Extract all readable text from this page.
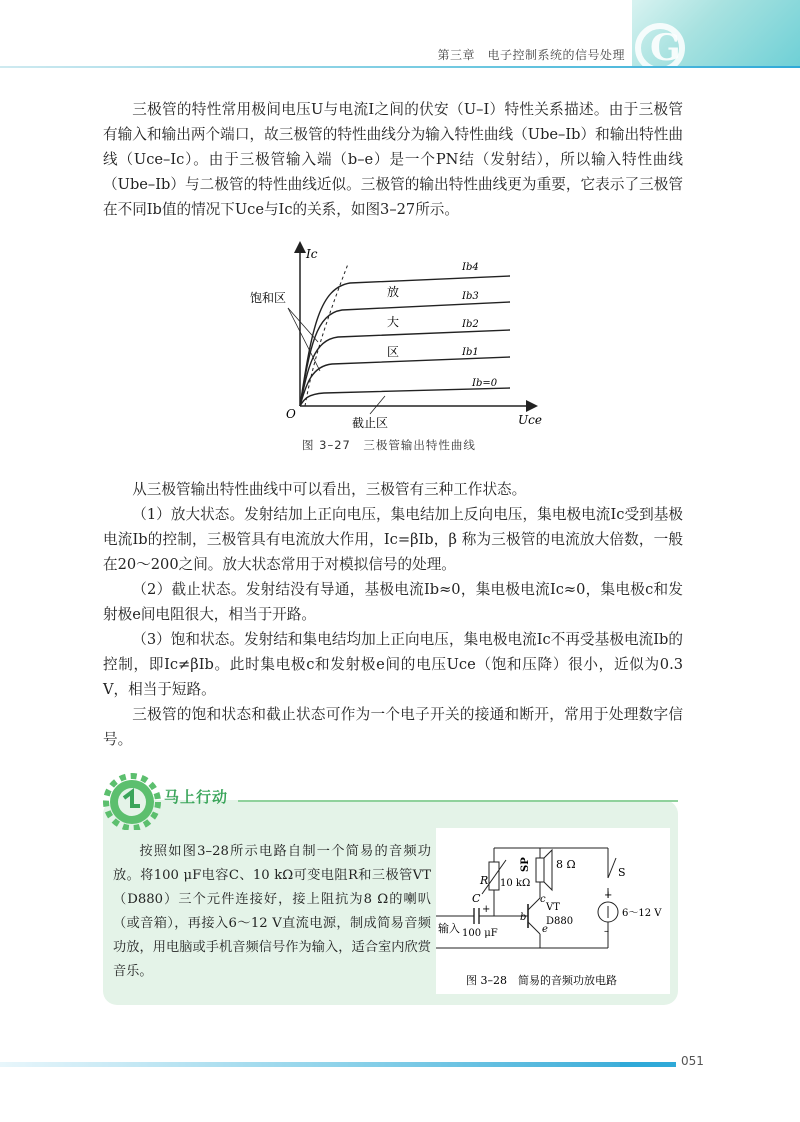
G
第三章　电子控制系统的信号处理

三极管的特性常用极间电压U与电流I之间的伏安（U–I）特性关系描述。由于三极管有输入和输出两个端口，故三极管的特性曲线分为输入特性曲线（Ube–Ib）和输出特性曲线（Uce–Ic）。由于三极管输入端（b–e）是一个PN结（发射结），所以输入特性曲线（Ube–Ib）与二极管的特性曲线近似。三极管的输出特性曲线更为重要，它表示了三极管在不同Ib值的情况下Uce与Ic的关系，如图3–27所示。

Ic
Uce
O
Ib4
Ib3
Ib2
Ib1
Ib=0
饱和区	放
大
区
截止区
图 3–27　三极管输出特性曲线

从三极管输出特性曲线中可以看出，三极管有三种工作状态。

（1）放大状态。发射结加上正向电压，集电结加上反向电压，集电极电流Ic受到基极电流Ib的控制，三极管具有电流放大作用，Ic=βIb，β 称为三极管的电流放大倍数，一般在20～200之间。放大状态常用于对模拟信号的处理。

（2）截止状态。发射结没有导通，基极电流Ib≈0，集电极电流Ic≈0，集电极c和发射极e间电阻很大，相当于开路。

（3）饱和状态。发射结和集电结均加上正向电压，集电极电流Ic不再受基极电流Ib的控制，即Ic≠βIb。此时集电极c和发射极e间的电压Uce（饱和压降）很小，近似为0.3 V，相当于短路。

三极管的饱和状态和截止状态可作为一个电子开关的接通和断开，常用于处理数字信号。

马上行动

按照如图3–28所示电路自制一个简易的音频功放。将100 μF电容C、10 kΩ可变电阻R和三极管VT（D880）三个元件连接好，接上阻抗为8 Ω的喇叭（或音箱），再接入6～12 V直流电源，制成简易音频功放，用电脑或手机音频信号作为输入，适合室内欣赏音乐。

R 10 kΩ
C
+
100 μF
输入
SP 8 Ω
b
c
e
VT
D880
S
+
–
6～12 V
图 3–28　简易的音频功放电路
051
